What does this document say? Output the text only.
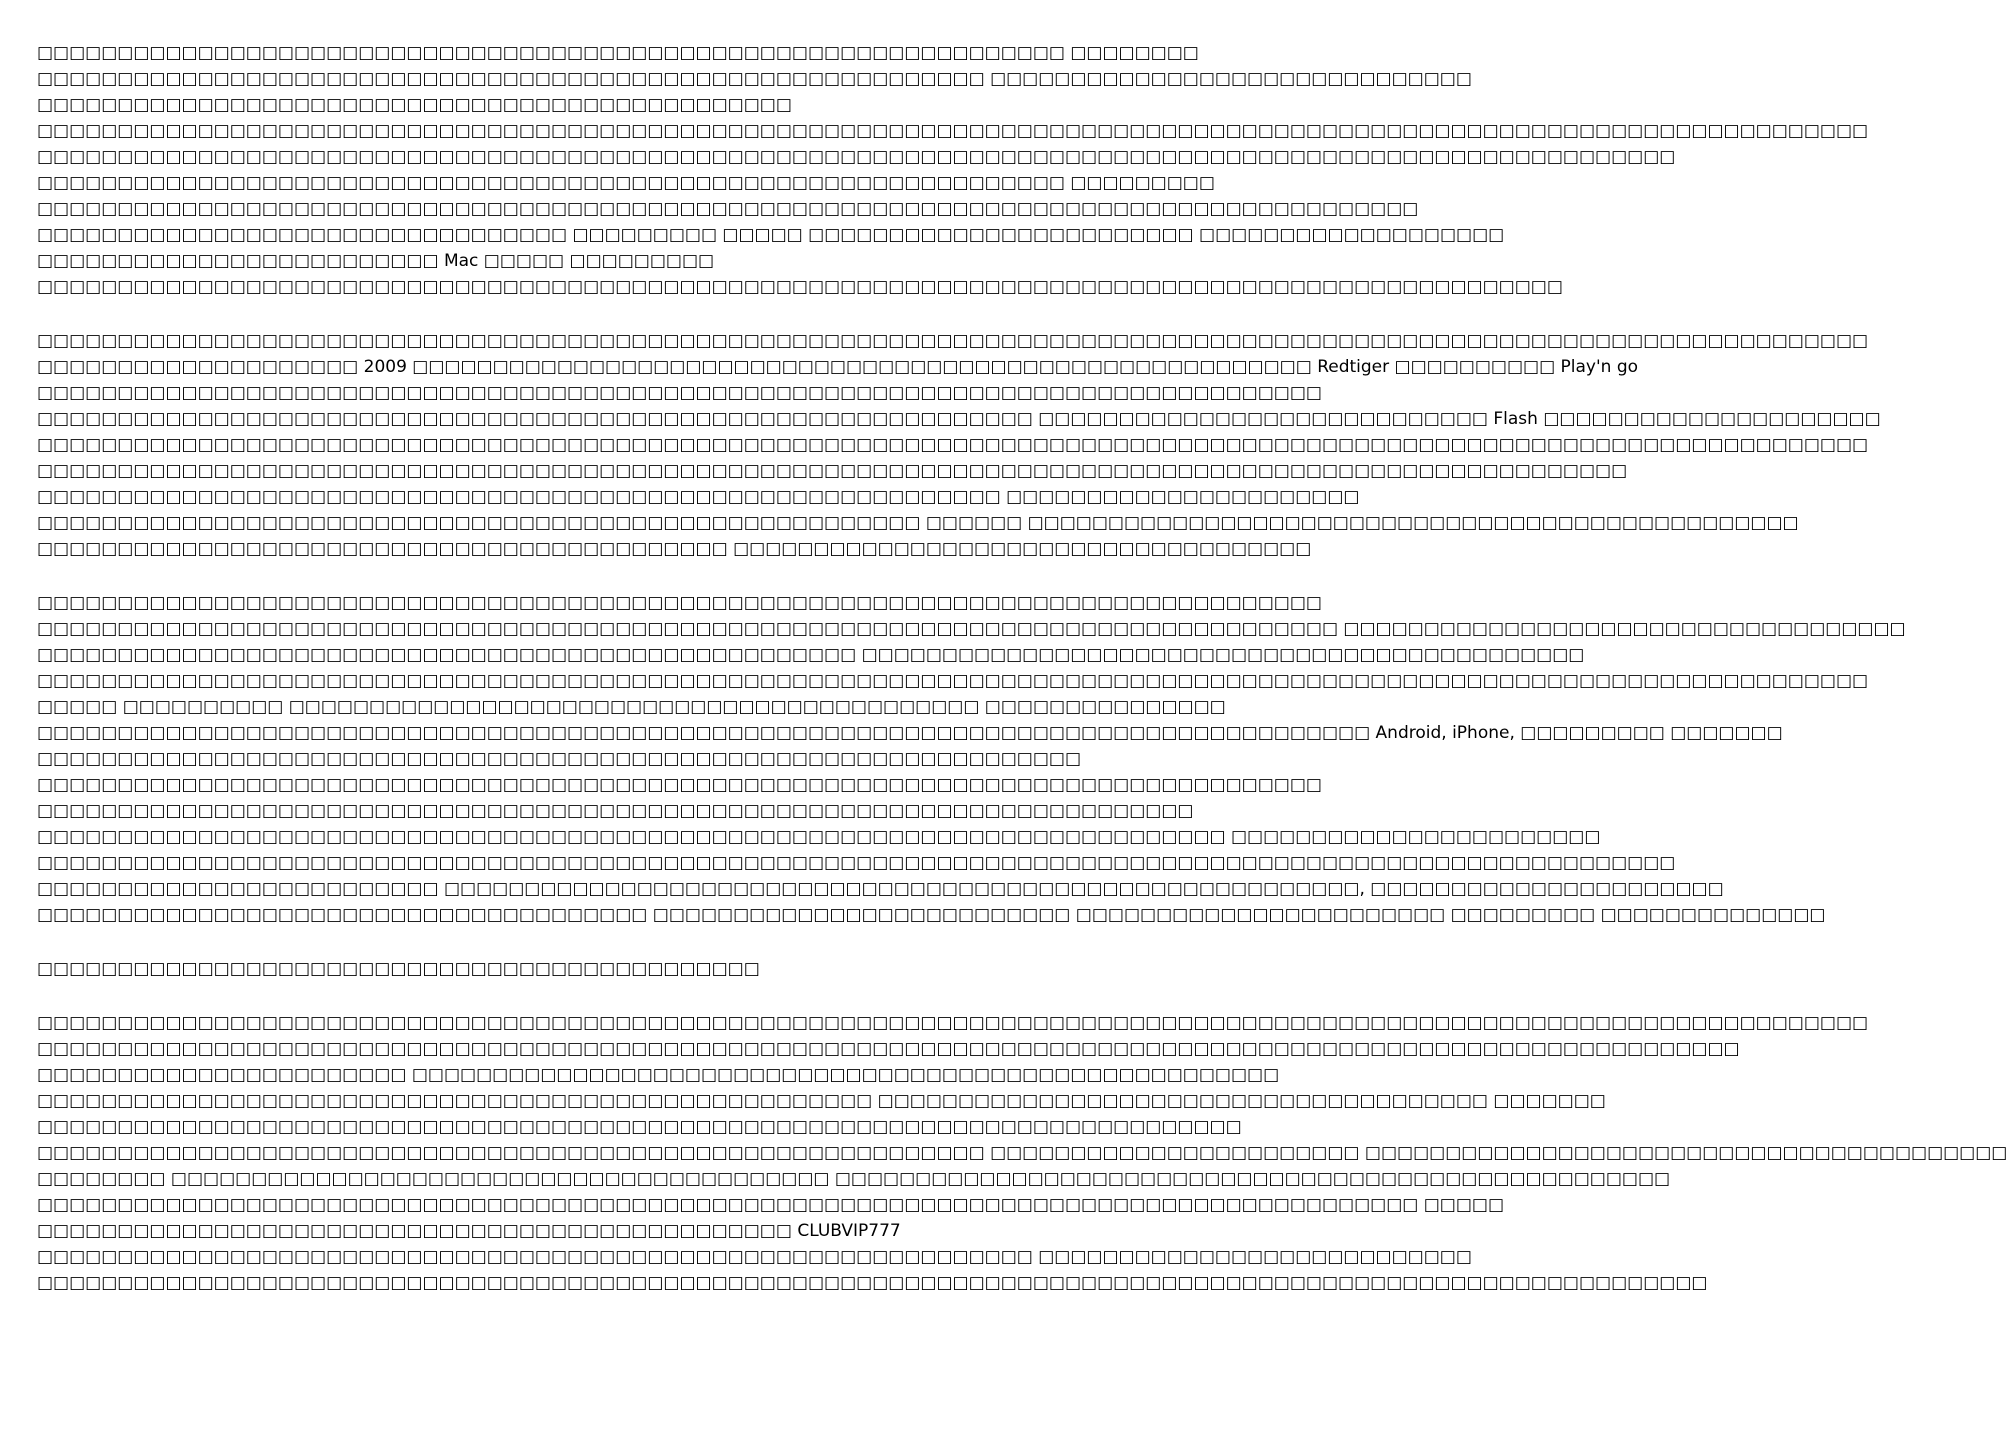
□□□□□□□□□□□□□□□□□□□□□□□□□□□□□□□□□□□□□□□□□□□□□□□□□□□□□□□□□□□□□□□□ □□□□□□□□
□□□□□□□□□□□□□□□□□□□□□□□□□□□□□□□□□□□□□□□□□□□□□□□□□□□□□□□□□□□ □□□□□□□□□□□□□□□□□□□□□□□□□□□□□□
□□□□□□□□□□□□□□□□□□□□□□□□□□□□□□□□□□□□□□□□□□□□□□□
□□□□□□□□□□□□□□□□□□□□□□□□□□□□□□□□□□□□□□□□□□□□□□□□□□□□□□□□□□□□□□□□□□□□□□□□□□□□□□□□□□□□□□□□□□□□□□□□□□□□□□□□□□□□□□□□□□
□□□□□□□□□□□□□□□□□□□□□□□□□□□□□□□□□□□□□□□□□□□□□□□□□□□□□□□□□□□□□□□□□□□□□□□□□□□□□□□□□□□□□□□□□□□□□□□□□□□□□□
□□□□□□□□□□□□□□□□□□□□□□□□□□□□□□□□□□□□□□□□□□□□□□□□□□□□□□□□□□□□□□□□ □□□□□□□□□
□□□□□□□□□□□□□□□□□□□□□□□□□□□□□□□□□□□□□□□□□□□□□□□□□□□□□□□□□□□□□□□□□□□□□□□□□□□□□□□□□□□□□□
□□□□□□□□□□□□□□□□□□□□□□□□□□□□□□□□□ □□□□□□□□□ □□□□□ □□□□□□□□□□□□□□□□□□□□□□□□ □□□□□□□□□□□□□□□□□□□
□□□□□□□□□□□□□□□□□□□□□□□□□ Mac □□□□□ □□□□□□□□□
□□□□□□□□□□□□□□□□□□□□□□□□□□□□□□□□□□□□□□□□□□□□□□□□□□□□□□□□□□□□□□□□□□□□□□□□□□□□□□□□□□□□□□□□□□□□□□□
□□□□□□□□□□□□□□□□□□□□□□□□□□□□□□□□□□□□□□□□□□□□□□□□□□□□□□□□□□□□□□□□□□□□□□□□□□□□□□□□□□□□□□□□□□□□□□□□□□□□□□□□□□□□□□□□□□
□□□□□□□□□□□□□□□□□□□□ 2009 □□□□□□□□□□□□□□□□□□□□□□□□□□□□□□□□□□□□□□□□□□□□□□□□□□□□□□□□ Redtiger □□□□□□□□□□ Play'n go
□□□□□□□□□□□□□□□□□□□□□□□□□□□□□□□□□□□□□□□□□□□□□□□□□□□□□□□□□□□□□□□□□□□□□□□□□□□□□□□□
□□□□□□□□□□□□□□□□□□□□□□□□□□□□□□□□□□□□□□□□□□□□□□□□□□□□□□□□□□□□□□ □□□□□□□□□□□□□□□□□□□□□□□□□□□□ Flash □□□□□□□□□□□□□□□□□□□□□
□□□□□□□□□□□□□□□□□□□□□□□□□□□□□□□□□□□□□□□□□□□□□□□□□□□□□□□□□□□□□□□□□□□□□□□□□□□□□□□□□□□□□□□□□□□□□□□□□□□□□□□□□□□□□□□□□□
□□□□□□□□□□□□□□□□□□□□□□□□□□□□□□□□□□□□□□□□□□□□□□□□□□□□□□□□□□□□□□□□□□□□□□□□□□□□□□□□□□□□□□□□□□□□□□□□□□□
□□□□□□□□□□□□□□□□□□□□□□□□□□□□□□□□□□□□□□□□□□□□□□□□□□□□□□□□□□□□ □□□□□□□□□□□□□□□□□□□□□□
□□□□□□□□□□□□□□□□□□□□□□□□□□□□□□□□□□□□□□□□□□□□□□□□□□□□□□□ □□□□□□ □□□□□□□□□□□□□□□□□□□□□□□□□□□□□□□□□□□□□□□□□□□□□□□□
□□□□□□□□□□□□□□□□□□□□□□□□□□□□□□□□□□□□□□□□□□□ □□□□□□□□□□□□□□□□□□□□□□□□□□□□□□□□□□□□
□□□□□□□□□□□□□□□□□□□□□□□□□□□□□□□□□□□□□□□□□□□□□□□□□□□□□□□□□□□□□□□□□□□□□□□□□□□□□□□□
□□□□□□□□□□□□□□□□□□□□□□□□□□□□□□□□□□□□□□□□□□□□□□□□□□□□□□□□□□□□□□□□□□□□□□□□□□□□□□□□□ □□□□□□□□□□□□□□□□□□□□□□□□□□□□□□□□□□□
□□□□□□□□□□□□□□□□□□□□□□□□□□□□□□□□□□□□□□□□□□□□□□□□□□□ □□□□□□□□□□□□□□□□□□□□□□□□□□□□□□□□□□□□□□□□□□□□□
□□□□□□□□□□□□□□□□□□□□□□□□□□□□□□□□□□□□□□□□□□□□□□□□□□□□□□□□□□□□□□□□□□□□□□□□□□□□□□□□□□□□□□□□□□□□□□□□□□□□□□□□□□□□□□□□□□
□□□□□ □□□□□□□□□□ □□□□□□□□□□□□□□□□□□□□□□□□□□□□□□□□□□□□□□□□□□□ □□□□□□□□□□□□□□□
□□□□□□□□□□□□□□□□□□□□□□□□□□□□□□□□□□□□□□□□□□□□□□□□□□□□□□□□□□□□□□□□□□□□□□□□□□□□□□□□□□□ Android, iPhone, □□□□□□□□□ □□□□□□□
□□□□□□□□□□□□□□□□□□□□□□□□□□□□□□□□□□□□□□□□□□□□□□□□□□□□□□□□□□□□□□□□□
□□□□□□□□□□□□□□□□□□□□□□□□□□□□□□□□□□□□□□□□□□□□□□□□□□□□□□□□□□□□□□□□□□□□□□□□□□□□□□□□
□□□□□□□□□□□□□□□□□□□□□□□□□□□□□□□□□□□□□□□□□□□□□□□□□□□□□□□□□□□□□□□□□□□□□□□□
□□□□□□□□□□□□□□□□□□□□□□□□□□□□□□□□□□□□□□□□□□□□□□□□□□□□□□□□□□□□□□□□□□□□□□□□□□ □□□□□□□□□□□□□□□□□□□□□□□
□□□□□□□□□□□□□□□□□□□□□□□□□□□□□□□□□□□□□□□□□□□□□□□□□□□□□□□□□□□□□□□□□□□□□□□□□□□□□□□□□□□□□□□□□□□□□□□□□□□□□□
□□□□□□□□□□□□□□□□□□□□□□□□□ □□□□□□□□□□□□□□□□□□□□□□□□□□□□□□□□□□□□□□□□□□□□□□□□□□□□□□□□□, □□□□□□□□□□□□□□□□□□□□□□
□□□□□□□□□□□□□□□□□□□□□□□□□□□□□□□□□□□□□□ □□□□□□□□□□□□□□□□□□□□□□□□□□ □□□□□□□□□□□□□□□□□□□□□□□ □□□□□□□□□ □□□□□□□□□□□□□□
□□□□□□□□□□□□□□□□□□□□□□□□□□□□□□□□□□□□□□□□□□□□□
□□□□□□□□□□□□□□□□□□□□□□□□□□□□□□□□□□□□□□□□□□□□□□□□□□□□□□□□□□□□□□□□□□□□□□□□□□□□□□□□□□□□□□□□□□□□□□□□□□□□□□□□□□□□□□□□□□
□□□□□□□□□□□□□□□□□□□□□□□□□□□□□□□□□□□□□□□□□□□□□□□□□□□□□□□□□□□□□□□□□□□□□□□□□□□□□□□□□□□□□□□□□□□□□□□□□□□□□□□□□□
□□□□□□□□□□□□□□□□□□□□□□□ □□□□□□□□□□□□□□□□□□□□□□□□□□□□□□□□□□□□□□□□□□□□□□□□□□□□□□
□□□□□□□□□□□□□□□□□□□□□□□□□□□□□□□□□□□□□□□□□□□□□□□□□□□□ □□□□□□□□□□□□□□□□□□□□□□□□□□□□□□□□□□□□□□ □□□□□□□
□□□□□□□□□□□□□□□□□□□□□□□□□□□□□□□□□□□□□□□□□□□□□□□□□□□□□□□□□□□□□□□□□□□□□□□□□□□
□□□□□□□□□□□□□□□□□□□□□□□□□□□□□□□□□□□□□□□□□□□□□□□□□□□□□□□□□□□ □□□□□□□□□□□□□□□□□□□□□□□ □□□□□□□□□□□□□□□□□□□□□□□□□□□□□□□□□□□□□□□□
□□□□□□□□ □□□□□□□□□□□□□□□□□□□□□□□□□□□□□□□□□□□□□□□□□ □□□□□□□□□□□□□□□□□□□□□□□□□□□□□□□□□□□□□□□□□□□□□□□□□□□□
□□□□□□□□□□□□□□□□□□□□□□□□□□□□□□□□□□□□□□□□□□□□□□□□□□□□□□□□□□□□□□□□□□□□□□□□□□□□□□□□□□□□□□ □□□□□
□□□□□□□□□□□□□□□□□□□□□□□□□□□□□□□□□□□□□□□□□□□□□□□ CLUBVIP777
□□□□□□□□□□□□□□□□□□□□□□□□□□□□□□□□□□□□□□□□□□□□□□□□□□□□□□□□□□□□□□ □□□□□□□□□□□□□□□□□□□□□□□□□□□
□□□□□□□□□□□□□□□□□□□□□□□□□□□□□□□□□□□□□□□□□□□□□□□□□□□□□□□□□□□□□□□□□□□□□□□□□□□□□□□□□□□□□□□□□□□□□□□□□□□□□□□□
